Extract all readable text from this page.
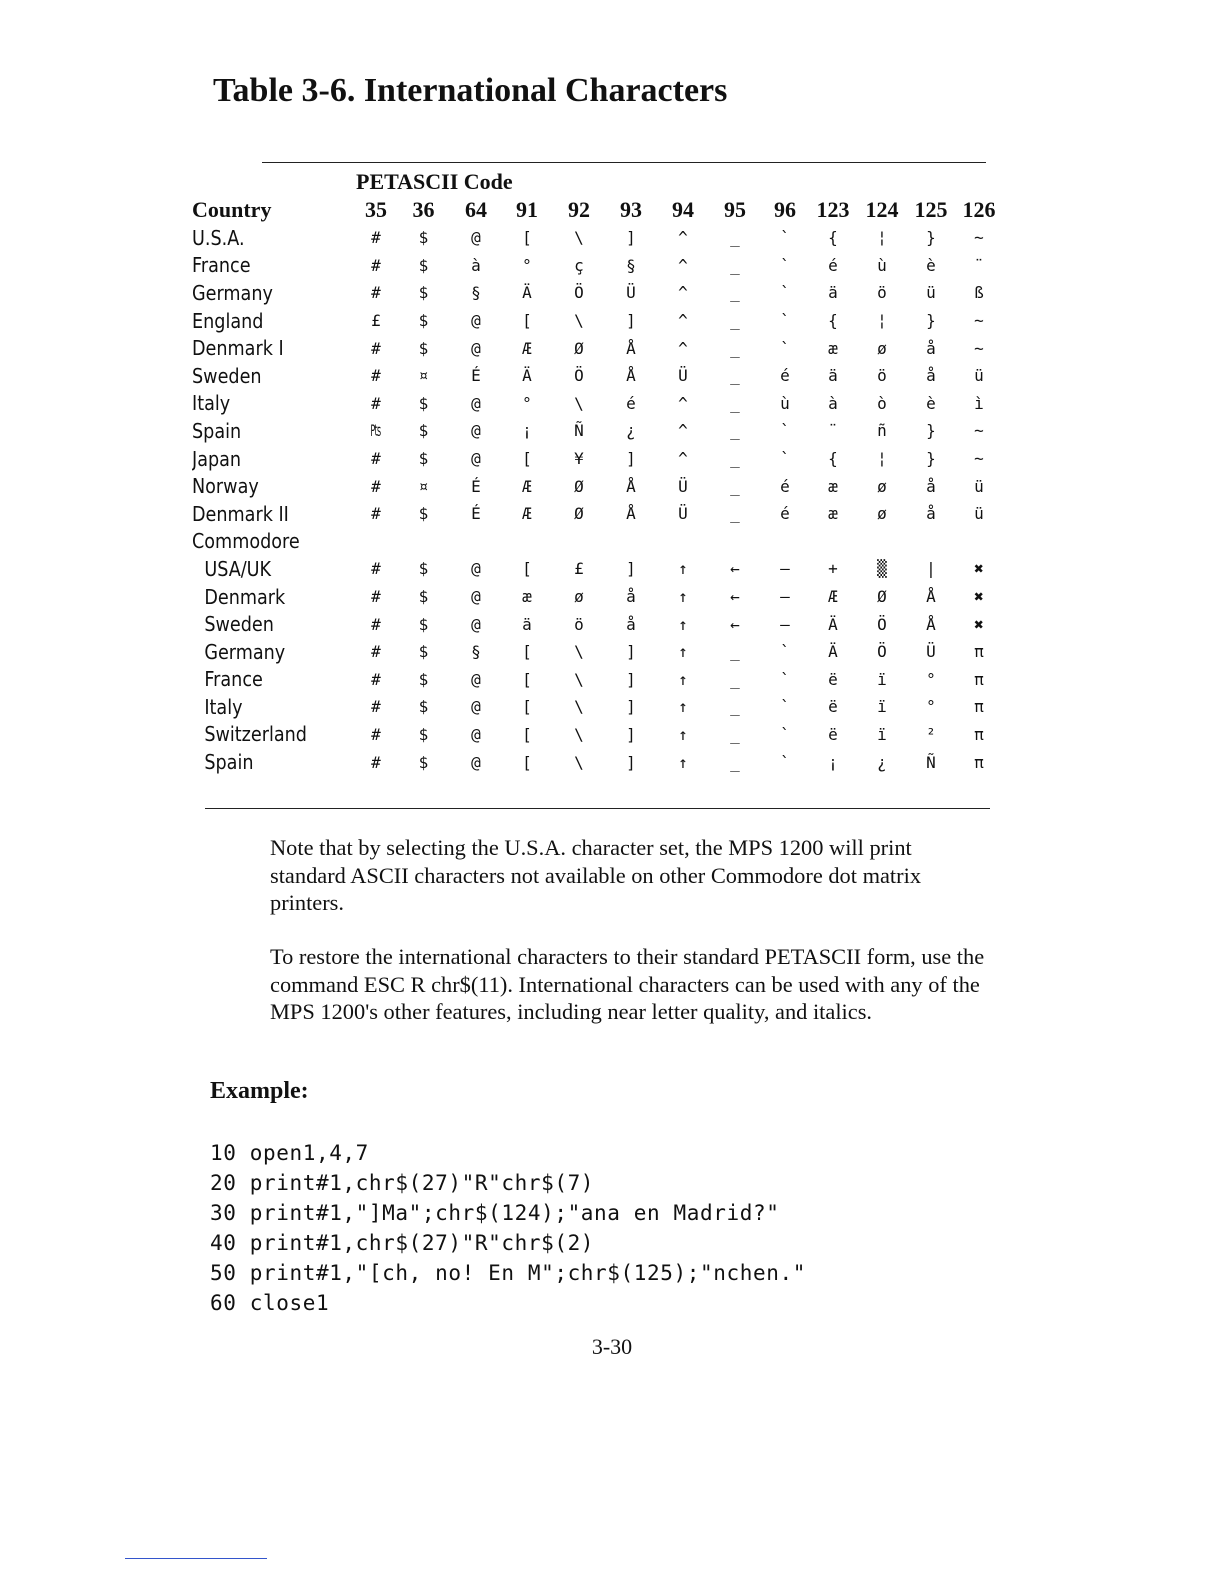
Table 3-6. International Characters
	PETASCII Code												
Country	35	36	64	91	92	93	94	95	96	123	124	125	126
U.S.A.	#	$	@	[	\	]	^	_	`	{	¦	}	~
France	#	$	à	°	ç	§	^	_	`	é	ù	è	¨
Germany	#	$	§	Ä	Ö	Ü	^	_	`	ä	ö	ü	ß
England	£	$	@	[	\	]	^	_	`	{	¦	}	~
Denmark I	#	$	@	Æ	Ø	Å	^	_	`	æ	ø	å	~
Sweden	#	¤	É	Ä	Ö	Å	Ü	_	é	ä	ö	å	ü
Italy	#	$	@	°	\	é	^	_	ù	à	ò	è	ì
Spain	₧	$	@	¡	Ñ	¿	^	_	`	¨	ñ	}	~
Japan	#	$	@	[	¥	]	^	_	`	{	¦	}	~
Norway	#	¤	É	Æ	Ø	Å	Ü	_	é	æ	ø	å	ü
Denmark II	#	$	É	Æ	Ø	Å	Ü	_	é	æ	ø	å	ü
Commodore													
USA/UK	#	$	@	[	£	]	↑	←	—	+	▒	|	✖
Denmark	#	$	@	æ	ø	å	↑	←	—	Æ	Ø	Å	✖
Sweden	#	$	@	ä	ö	å	↑	←	—	Ä	Ö	Å	✖
Germany	#	$	§	[	\	]	↑	_	`	Ä	Ö	Ü	π
France	#	$	@	[	\	]	↑	_	`	ë	ï	°	π
Italy	#	$	@	[	\	]	↑	_	`	ë	ï	°	π
Switzerland	#	$	@	[	\	]	↑	_	`	ë	ï	²	π
Spain	#	$	@	[	\	]	↑	_	`	¡	¿	Ñ	π

Note that by selecting the U.S.A. character set, the MPS 1200 will print standard ASCII characters not available on other Commodore dot matrix printers.

To restore the international characters to their standard PETASCII form, use the command ESC R chr$(11). International characters can be used with any of the MPS 1200's other features, including near letter quality, and italics.

Example:

10 open1,4,7
20 print#1,chr$(27)"R"chr$(7)
30 print#1,"]Ma";chr$(124);"ana en Madrid?"
40 print#1,chr$(27)"R"chr$(2)
50 print#1,"[ch, no! En M";chr$(125);"nchen."
60 close1

3-30
